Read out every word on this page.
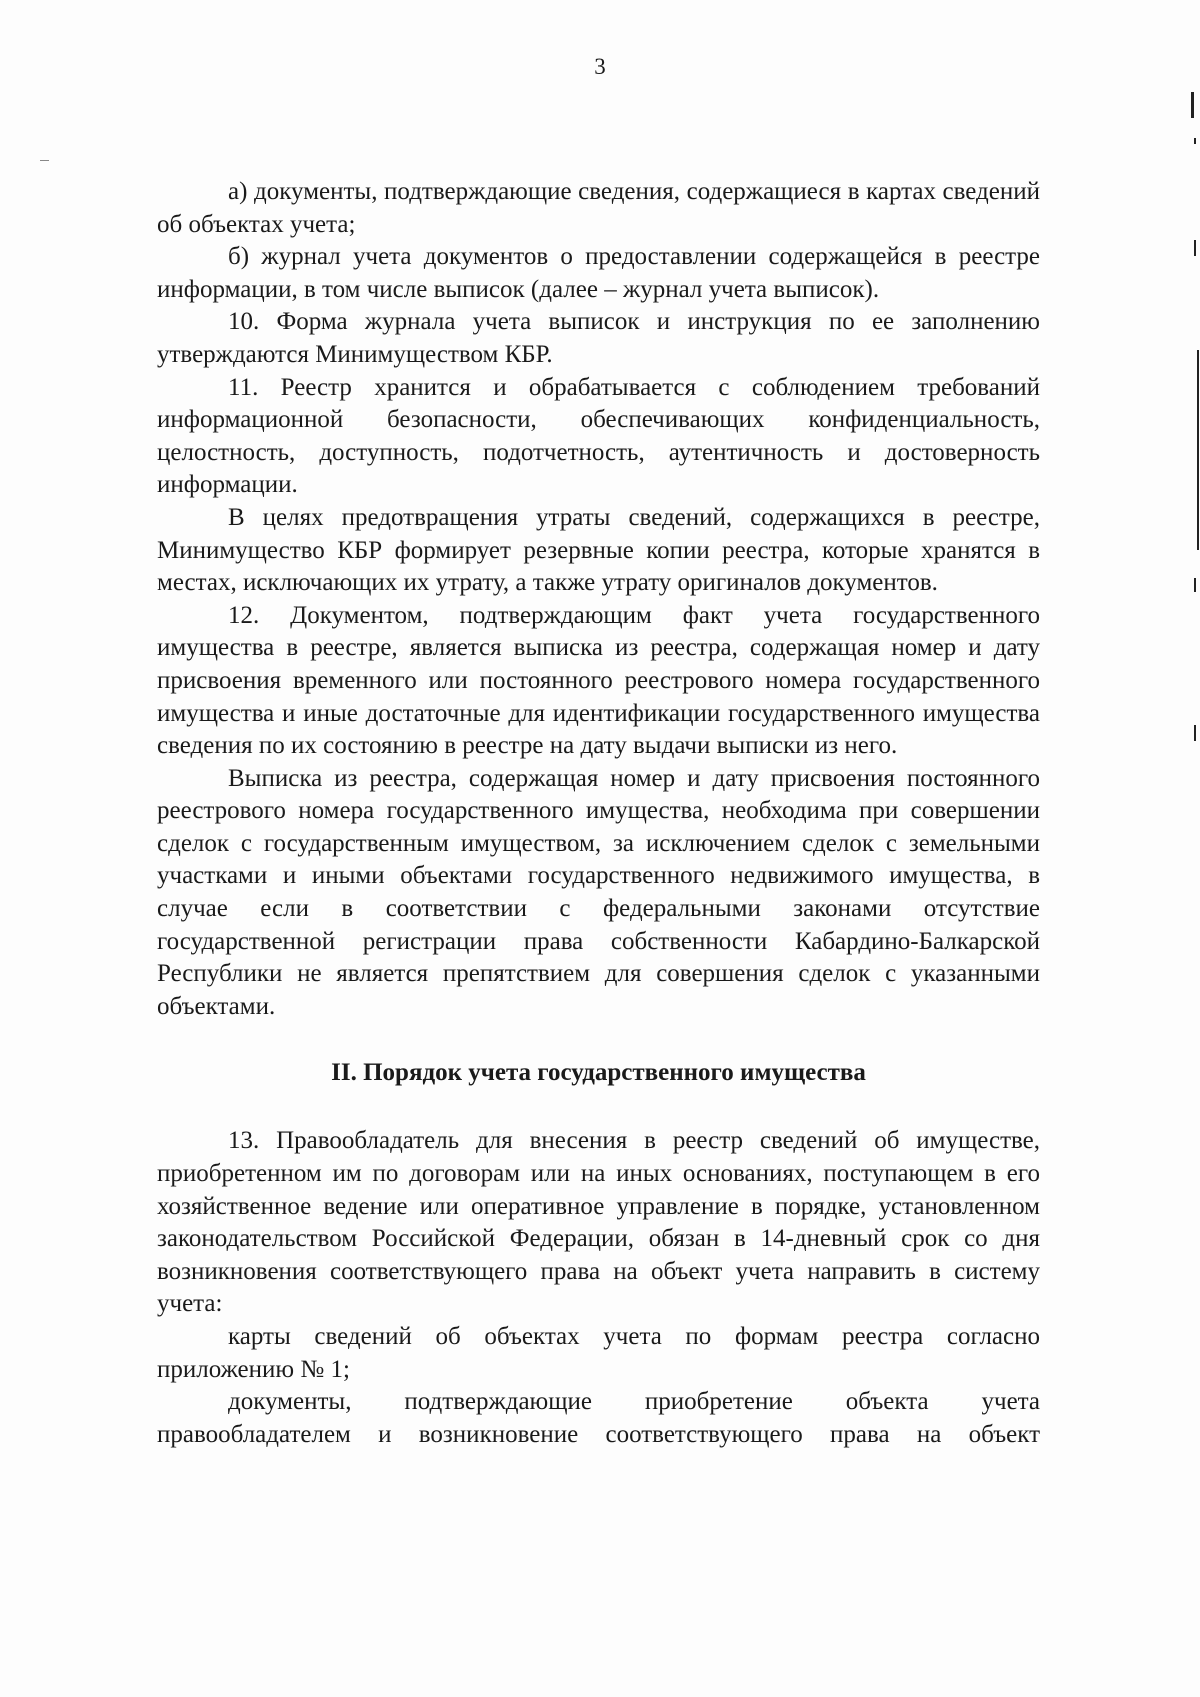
3

а) документы, подтверждающие сведения, содержащиеся в картах сведений об объектах учета;

б) журнал учета документов о предоставлении содержащейся в реестре информации, в том числе выписок (далее – журнал учета выписок).

10. Форма журнала учета выписок и инструкция по ее заполнению утверждаются Минимуществом КБР.

11. Реестр хранится и обрабатывается с соблюдением требований информационной безопасности, обеспечивающих конфиденциальность, целостность, доступность, подотчетность, аутентичность и достоверность информации.

В целях предотвращения утраты сведений, содержащихся в реестре, Минимущество КБР формирует резервные копии реестра, которые хранятся в местах, исключающих их утрату, а также утрату оригиналов документов.

12. Документом, подтверждающим факт учета государственного имущества в реестре, является выписка из реестра, содержащая номер и дату присвоения временного или постоянного реестрового номера государственного имущества и иные достаточные для идентификации государственного имущества сведения по их состоянию в реестре на дату выдачи выписки из него.

Выписка из реестра, содержащая номер и дату присвоения постоянного реестрового номера государственного имущества, необходима при совершении сделок с государственным имуществом, за исключением сделок с земельными участками и иными объектами государственного недвижимого имущества, в случае если в соответствии с федеральными законами отсутствие государственной регистрации права собственности Кабардино-Балкарской Республики не является препятствием для совершения сделок с указанными объектами.

II. Порядок учета государственного имущества

13. Правообладатель для внесения в реестр сведений об имуществе, приобретенном им по договорам или на иных основаниях, поступающем в его хозяйственное ведение или оперативное управление в порядке, установленном законодательством Российской Федерации, обязан в 14-дневный срок со дня возникновения соответствующего права на объект учета направить в систему учета:

карты сведений об объектах учета по формам реестра согласно приложению № 1;

документы, подтверждающие приобретение объекта учета правообладателем и возникновение соответствующего права на объект
